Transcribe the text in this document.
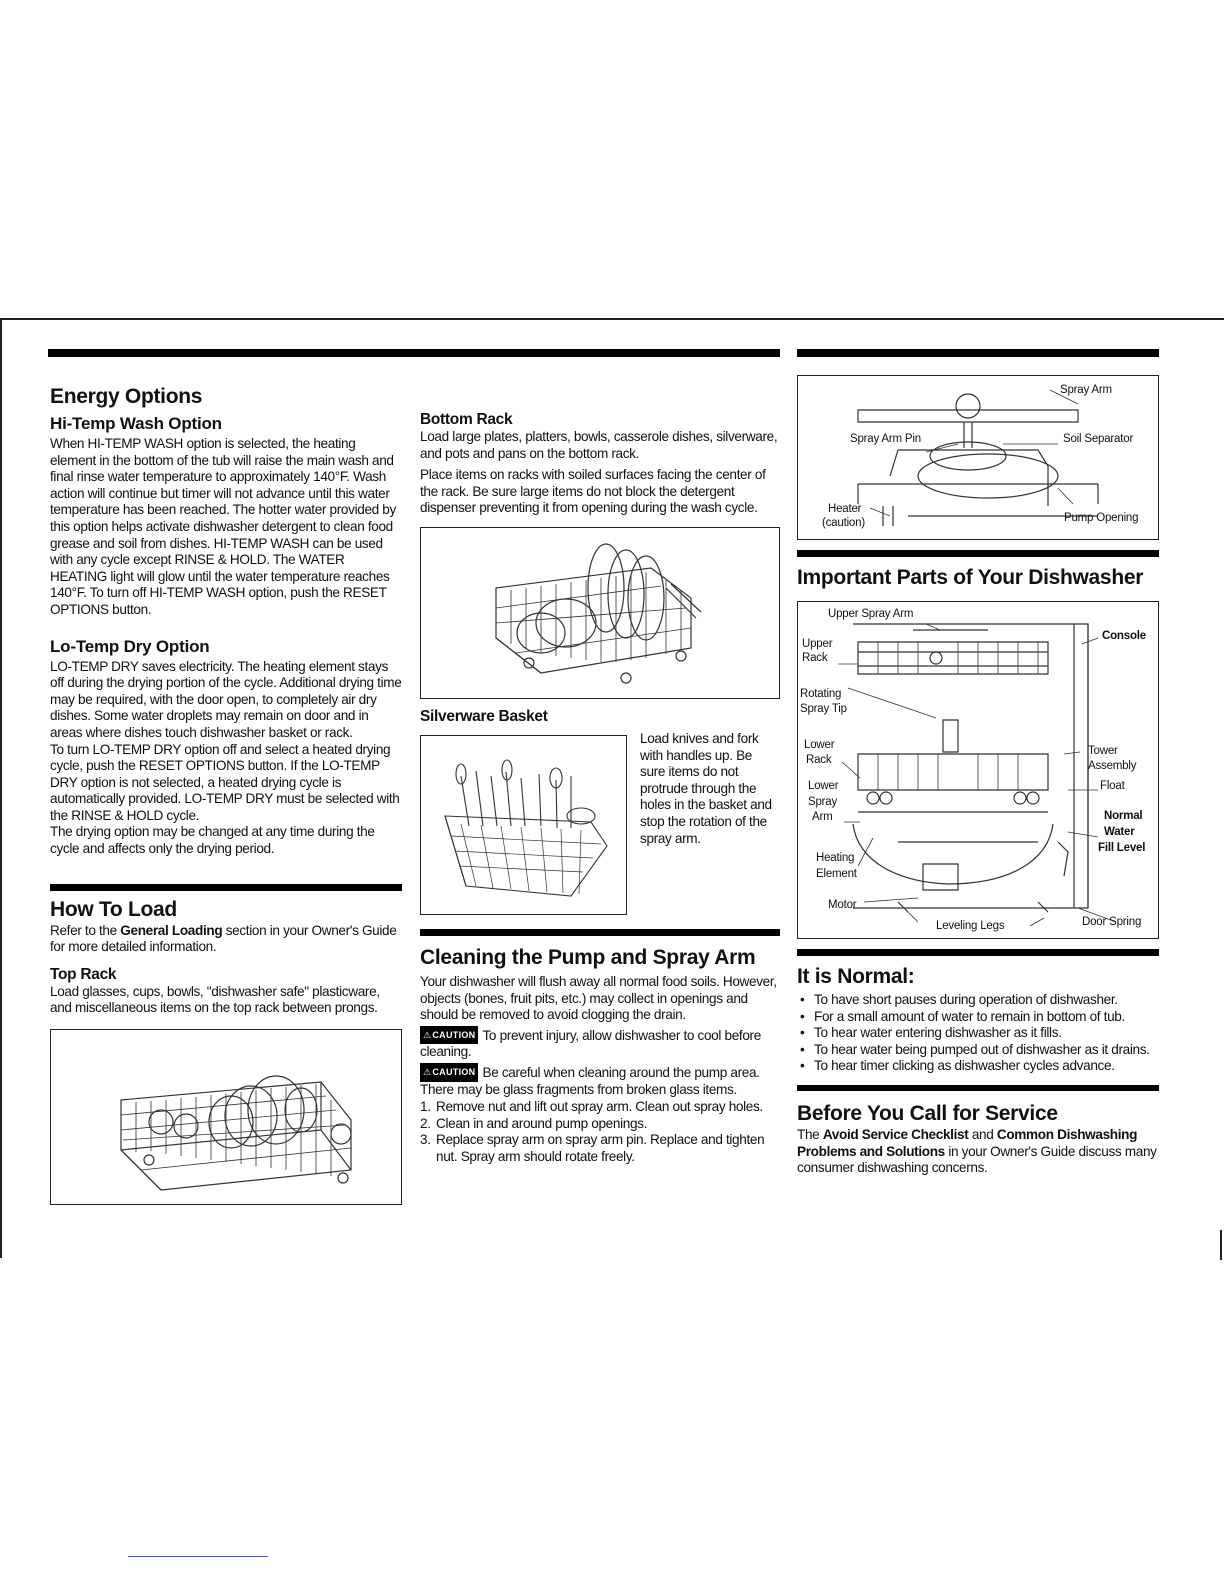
Energy Options
Hi-Temp Wash Option

When HI-TEMP WASH option is selected, the heating element in the bottom of the tub will raise the main wash and final rinse water temperature to approximately 140°F. Wash action will continue but timer will not advance until this water temperature has been reached. The hotter water provided by this option helps activate dishwasher detergent to clean food grease and soil from dishes. HI-TEMP WASH can be used with any cycle except RINSE & HOLD. The WATER HEATING light will glow until the water temperature reaches 140°F. To turn off HI-TEMP WASH option, push the RESET OPTIONS button.

Lo-Temp Dry Option

LO-TEMP DRY saves electricity. The heating element stays off during the drying portion of the cycle. Additional drying time may be required, with the door open, to completely air dry dishes. Some water droplets may remain on door and in areas where dishes touch dishwasher basket or rack.

To turn LO-TEMP DRY option off and select a heated drying cycle, push the RESET OPTIONS button. If the LO-TEMP DRY option is not selected, a heated drying cycle is automatically provided. LO-TEMP DRY must be selected with the RINSE & HOLD cycle.

The drying option may be changed at any time during the cycle and affects only the drying period.

How To Load

Refer to the General Loading section in your Owner's Guide for more detailed information.

Top Rack

Load glasses, cups, bowls, "dishwasher safe" plasticware, and miscellaneous items on the top rack between prongs.

Bottom Rack

Load large plates, platters, bowls, casserole dishes, silverware, and pots and pans on the bottom rack.

Place items on racks with soiled surfaces facing the center of the rack. Be sure large items do not block the detergent dispenser preventing it from opening during the wash cycle.

Silverware Basket

Load knives and fork with handles up. Be sure items do not protrude through the holes in the basket and stop the rotation of the spray arm.

Cleaning the Pump and Spray Arm

Your dishwasher will flush away all normal food soils. However, objects (bones, fruit pits, etc.) may collect in openings and should be removed to avoid clogging the drain.

⚠CAUTION To prevent injury, allow dishwasher to cool before cleaning.

⚠CAUTION Be careful when cleaning around the pump area. There may be glass fragments from broken glass items.

1. Remove nut and lift out spray arm. Clean out spray holes.
2. Clean in and around pump openings.
3. Replace spray arm on spray arm pin. Replace and tighten nut. Spray arm should rotate freely.
Spray Arm
Spray Arm Pin	Soil Separator
Heater
(caution)	Pump Opening
Important Parts of Your Dishwasher
Upper Spray Arm
Console
Upper
Rack
Rotating
Spray Tip
Lower
Rack
Tower
Assembly
Float
Lower
Spray
Arm	Normal
Water
Fill Level
Heating
Element
Motor
Leveling Legs	Door Spring
It is Normal:
• To have short pauses during operation of dishwasher.
• For a small amount of water to remain in bottom of tub.
• To hear water entering dishwasher as it fills.
• To hear water being pumped out of dishwasher as it drains.
• To hear timer clicking as dishwasher cycles advance.
Before You Call for Service

The Avoid Service Checklist and Common Dishwashing Problems and Solutions in your Owner's Guide discuss many consumer dishwashing concerns.
